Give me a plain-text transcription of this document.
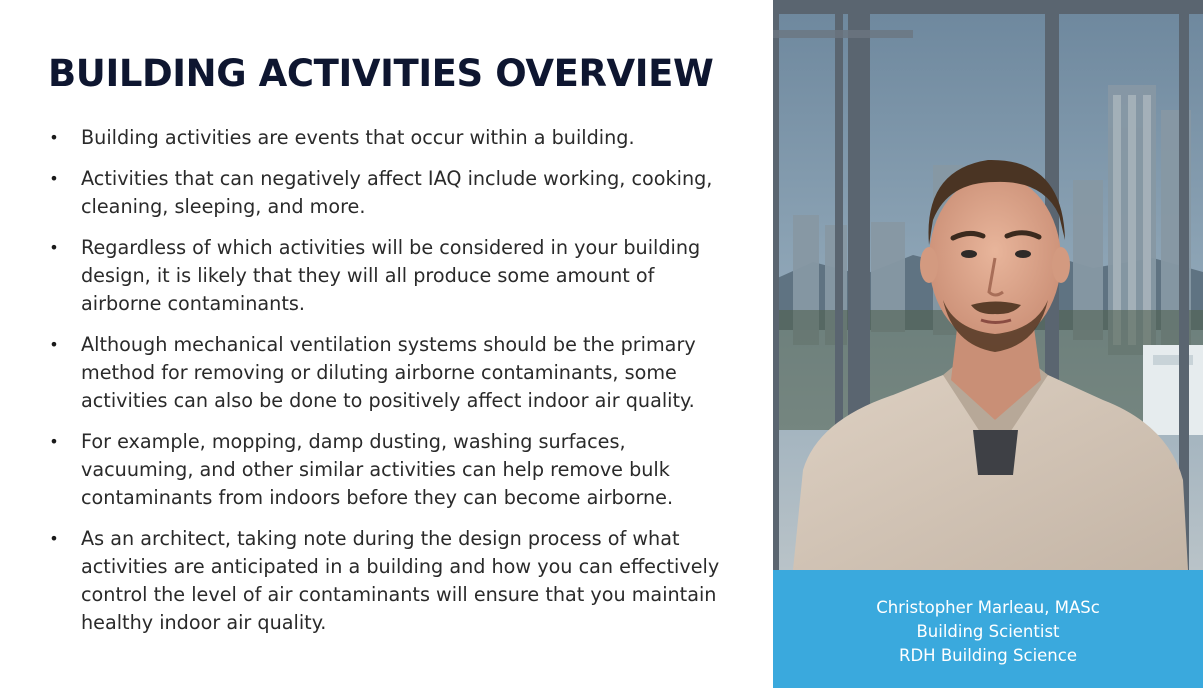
BUILDING ACTIVITIES OVERVIEW
• Building activities are events that occur within a building.
• Activities that can negatively affect IAQ include working, cooking, cleaning, sleeping, and more.
• Regardless of which activities will be considered in your building design, it is likely that they will all produce some amount of airborne contaminants.
• Although mechanical ventilation systems should be the primary method for removing or diluting airborne contaminants, some activities can also be done to positively affect indoor air quality.
• For example, mopping, damp dusting, washing surfaces, vacuuming, and other similar activities can help remove bulk contaminants from indoors before they can become airborne.
• As an architect, taking note during the design process of what activities are anticipated in a building and how you can effectively control the level of air contaminants will ensure that you maintain healthy indoor air quality.
Christopher Marleau, MASc
Building Scientist
RDH Building Science
